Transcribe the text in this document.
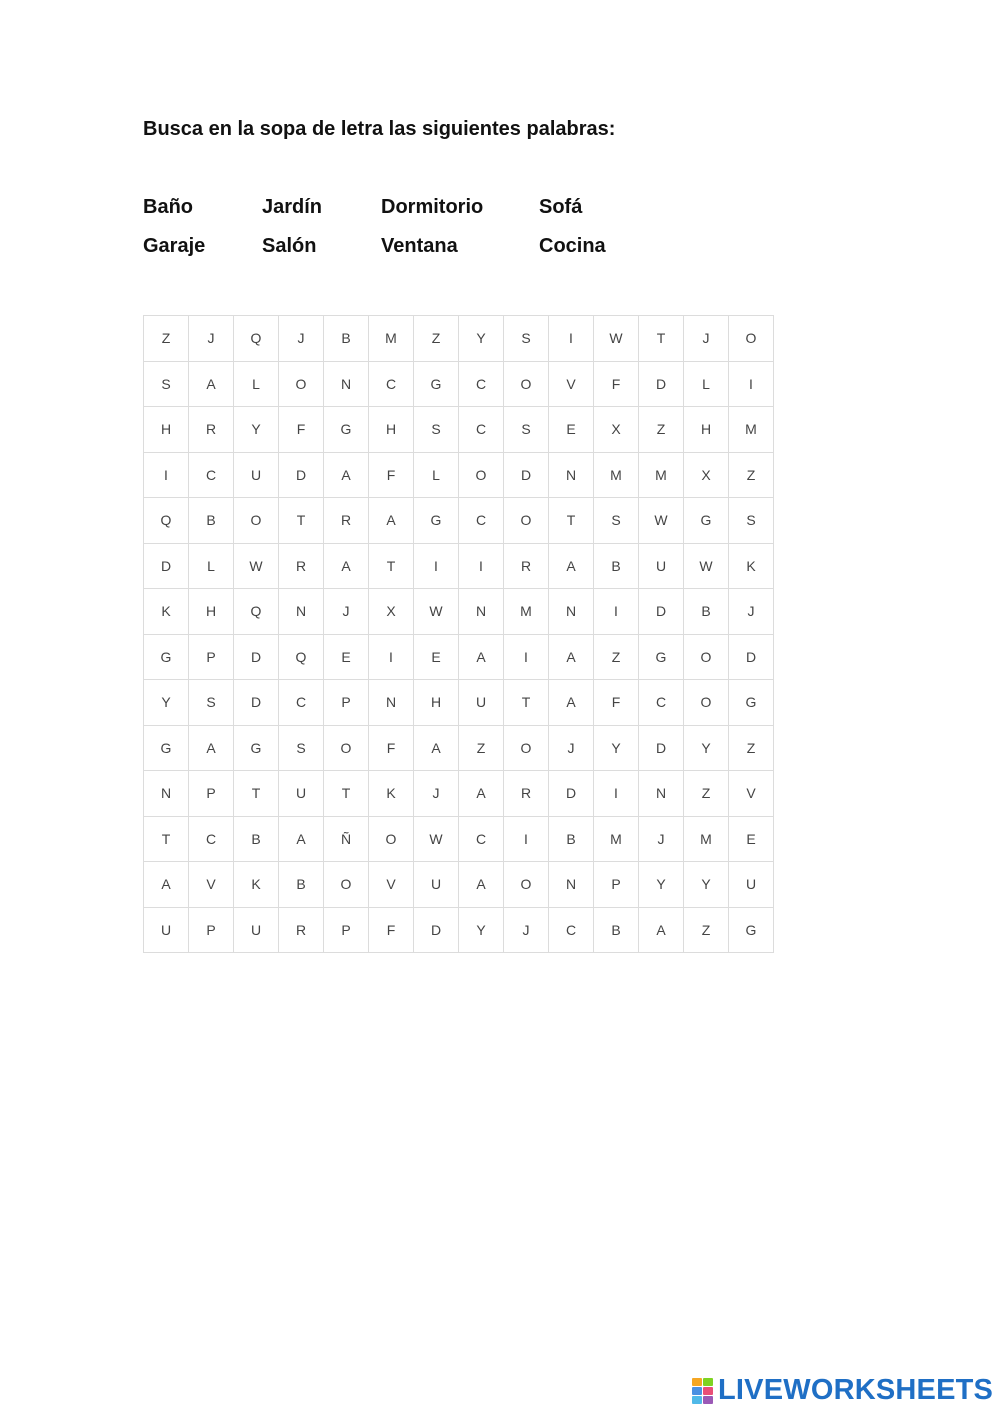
Busca en la sopa de letra las siguientes palabras:
Baño	Jardín	Dormitorio	Sofá
Garaje	Salón	Ventana	Cocina
Z	J	Q	J	B	M	Z	Y	S	I	W	T	J	O
S	A	L	O	N	C	G	C	O	V	F	D	L	I
H	R	Y	F	G	H	S	C	S	E	X	Z	H	M
I	C	U	D	A	F	L	O	D	N	M	M	X	Z
Q	B	O	T	R	A	G	C	O	T	S	W	G	S
D	L	W	R	A	T	I	I	R	A	B	U	W	K
K	H	Q	N	J	X	W	N	M	N	I	D	B	J
G	P	D	Q	E	I	E	A	I	A	Z	G	O	D
Y	S	D	C	P	N	H	U	T	A	F	C	O	G
G	A	G	S	O	F	A	Z	O	J	Y	D	Y	Z
N	P	T	U	T	K	J	A	R	D	I	N	Z	V
T	C	B	A	Ñ	O	W	C	I	B	M	J	M	E
A	V	K	B	O	V	U	A	O	N	P	Y	Y	U
U	P	U	R	P	F	D	Y	J	C	B	A	Z	G
LIVEWORKSHEETS
